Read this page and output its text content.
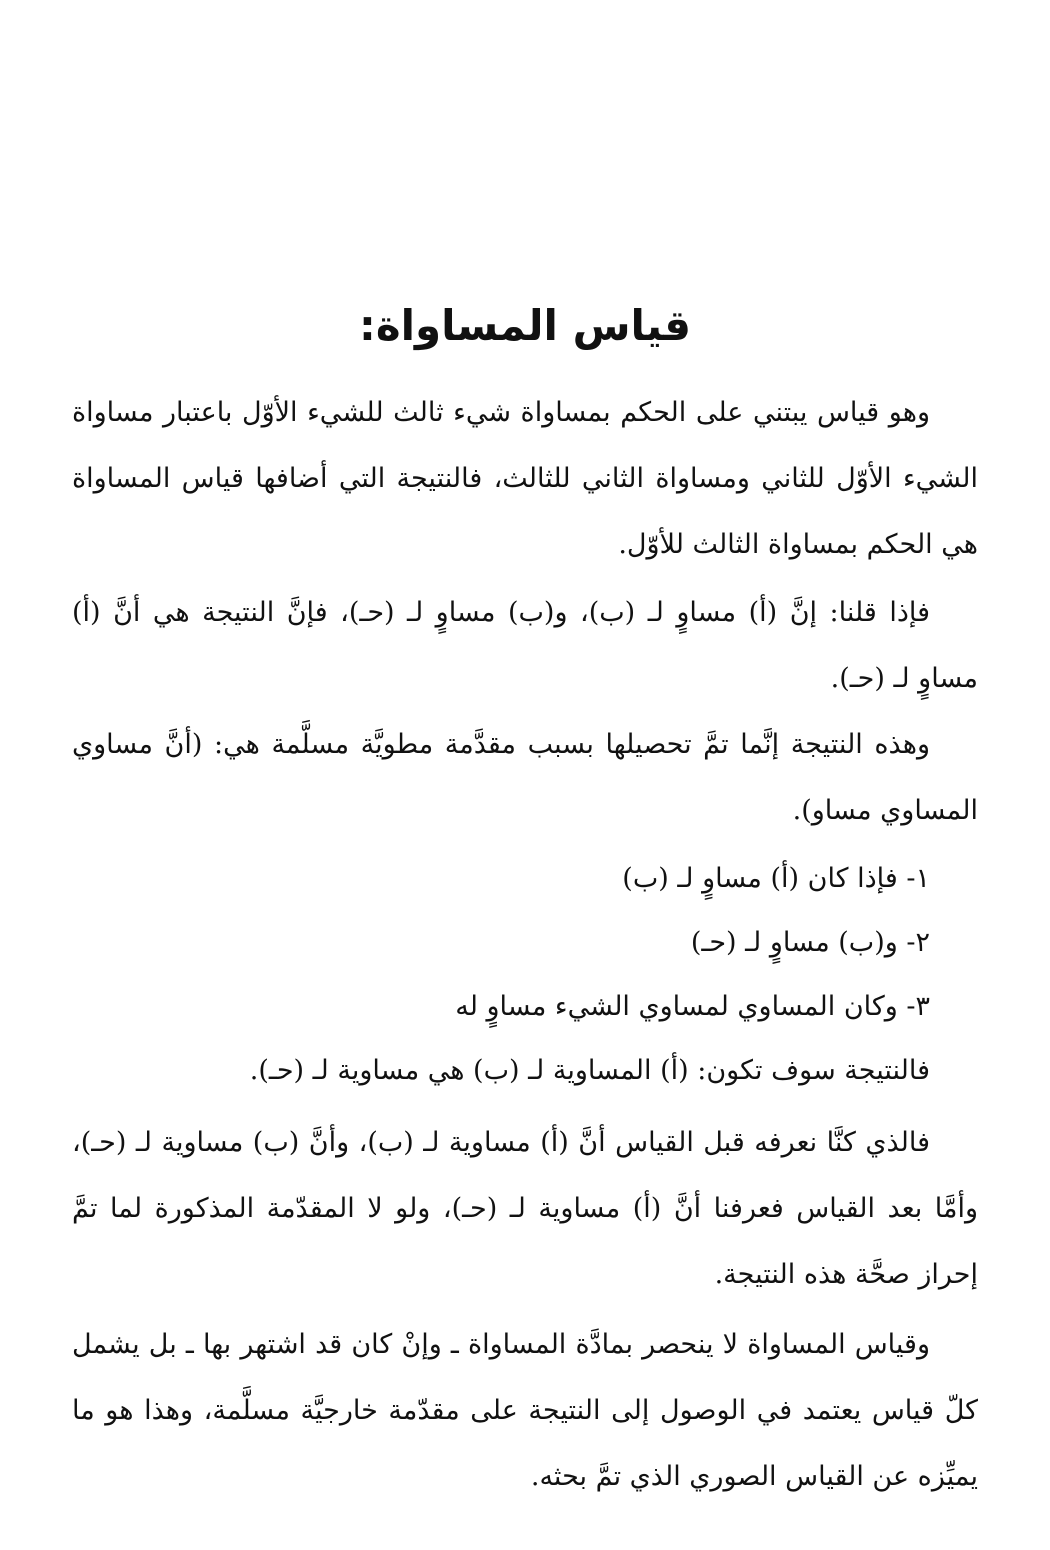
قياس المساواة:

وهو قياس يبتني على الحكم بمساواة شيء ثالث للشيء الأوّل باعتبار مساواة الشيء الأوّل للثاني ومساواة الثاني للثالث، فالنتيجة التي أضافها قياس المساواة هي الحكم بمساواة الثالث للأوّل.

فإذا قلنا: إنَّ (أ) مساوٍ لـ (ب)، و(ب) مساوٍ لـ (حـ)، فإنَّ النتيجة هي أنَّ (أ) مساوٍ لـ (حـ).

وهذه النتيجة إنَّما تمَّ تحصيلها بسبب مقدَّمة مطويَّة مسلَّمة هي: (أنَّ مساوي المساوي مساو).

١- فإذا كان (أ) مساوٍ لـ (ب)
٢- و(ب) مساوٍ لـ (حـ)
٣- وكان المساوي لمساوي الشيء مساوٍ له
فالنتيجة سوف تكون: (أ) المساوية لـ (ب) هي مساوية لـ (حـ).

فالذي كنَّا نعرفه قبل القياس أنَّ (أ) مساوية لـ (ب)، وأنَّ (ب) مساوية لـ (حـ)، وأمَّا بعد القياس فعرفنا أنَّ (أ) مساوية لـ (حـ)، ولو لا المقدّمة المذكورة لما تمَّ إحراز صحَّة هذه النتيجة.

وقياس المساواة لا ينحصر بمادَّة المساواة ـ وإنْ كان قد اشتهر بها ـ بل يشمل كلّ قياس يعتمد في الوصول إلى النتيجة على مقدّمة خارجيَّة مسلَّمة، وهذا هو ما يميِّزه عن القياس الصوري الذي تمَّ بحثه.
